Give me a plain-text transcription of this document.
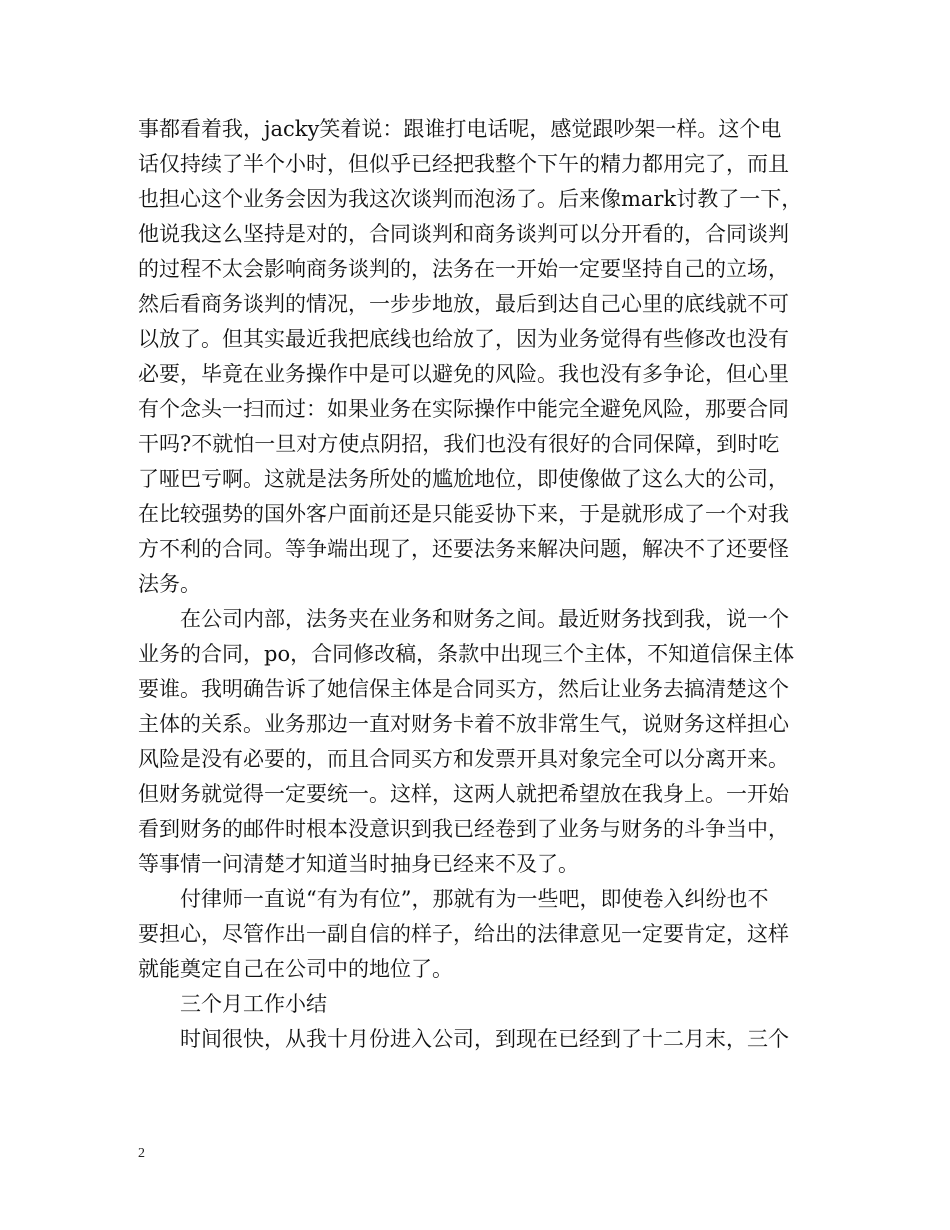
事都看着我，jacky笑着说：跟谁打电话呢，感觉跟吵架一样。这个电
话仅持续了半个小时，但似乎已经把我整个下午的精力都用完了，而且
也担心这个业务会因为我这次谈判而泡汤了。后来像mark讨教了一下，
他说我这么坚持是对的，合同谈判和商务谈判可以分开看的，合同谈判
的过程不太会影响商务谈判的，法务在一开始一定要坚持自己的立场，
然后看商务谈判的情况，一步步地放，最后到达自己心里的底线就不可
以放了。但其实最近我把底线也给放了，因为业务觉得有些修改也没有
必要，毕竟在业务操作中是可以避免的风险。我也没有多争论，但心里
有个念头一扫而过：如果业务在实际操作中能完全避免风险，那要合同
干吗?不就怕一旦对方使点阴招，我们也没有很好的合同保障，到时吃
了哑巴亏啊。这就是法务所处的尴尬地位，即使像做了这么大的公司，
在比较强势的国外客户面前还是只能妥协下来，于是就形成了一个对我
方不利的合同。等争端出现了，还要法务来解决问题，解决不了还要怪
法务。
在公司内部，法务夹在业务和财务之间。最近财务找到我，说一个
业务的合同，po，合同修改稿，条款中出现三个主体，不知道信保主体
要谁。我明确告诉了她信保主体是合同买方，然后让业务去搞清楚这个
主体的关系。业务那边一直对财务卡着不放非常生气，说财务这样担心
风险是没有必要的，而且合同买方和发票开具对象完全可以分离开来。
但财务就觉得一定要统一。这样，这两人就把希望放在我身上。一开始
看到财务的邮件时根本没意识到我已经卷到了业务与财务的斗争当中，
等事情一问清楚才知道当时抽身已经来不及了。
付律师一直说“有为有位”，那就有为一些吧，即使卷入纠纷也不
要担心，尽管作出一副自信的样子，给出的法律意见一定要肯定，这样
就能奠定自己在公司中的地位了。
三个月工作小结
时间很快，从我十月份进入公司，到现在已经到了十二月末，三个
2
